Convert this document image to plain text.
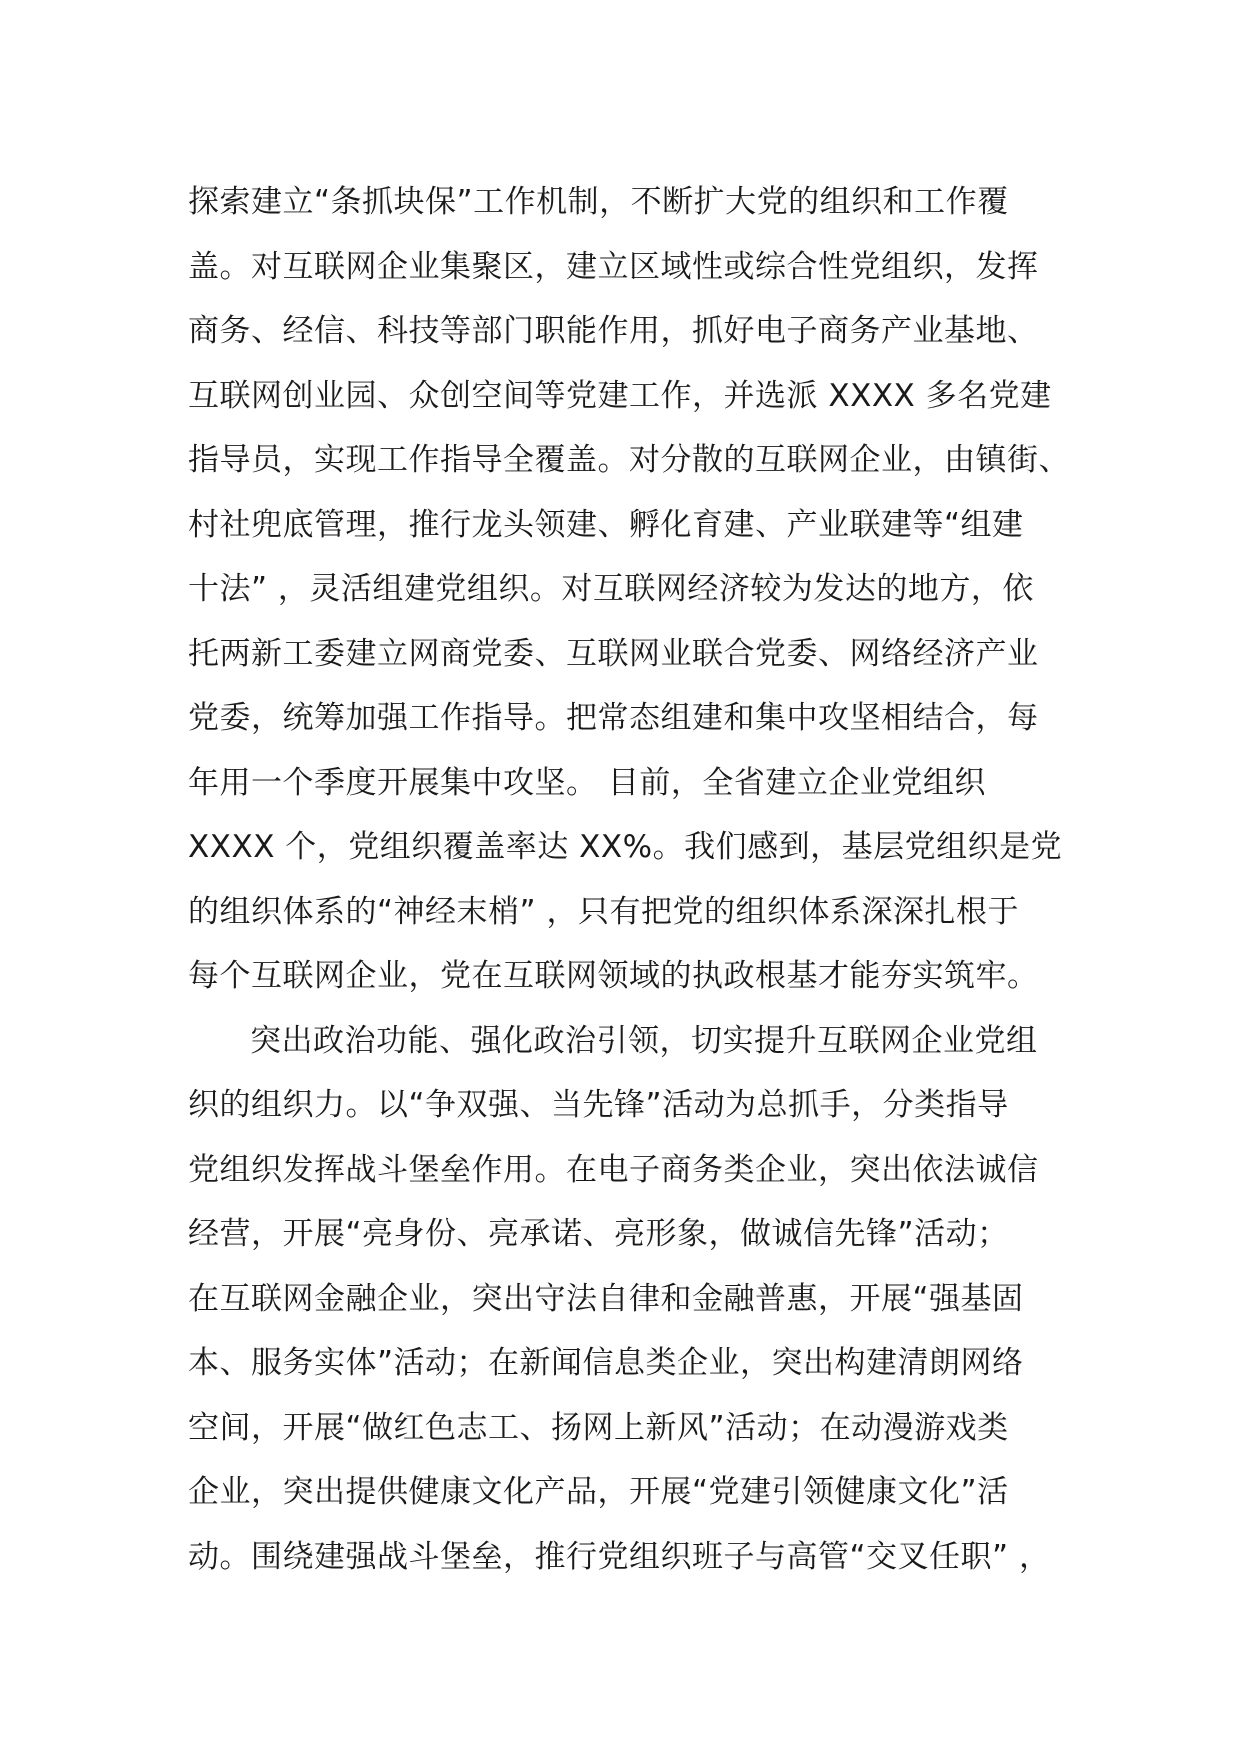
探索建立“条抓块保”工作机制，不断扩大党的组织和工作覆
盖。对互联网企业集聚区，建立区域性或综合性党组织，发挥
商务、经信、科技等部门职能作用，抓好电子商务产业基地、
互联网创业园、众创空间等党建工作，并选派 XXXX 多名党建
指导员，实现工作指导全覆盖。对分散的互联网企业，由镇街、
村社兜底管理，推行龙头领建、孵化育建、产业联建等“组建
十法” ，灵活组建党组织。对互联网经济较为发达的地方，依
托两新工委建立网商党委、互联网业联合党委、网络经济产业
党委，统筹加强工作指导。把常态组建和集中攻坚相结合，每
年用一个季度开展集中攻坚。 目前，全省建立企业党组织
XXXX 个，党组织覆盖率达 XX%。我们感到，基层党组织是党
的组织体系的“神经末梢” ，只有把党的组织体系深深扎根于
每个互联网企业，党在互联网领域的执政根基才能夯实筑牢。
突出政治功能、强化政治引领，切实提升互联网企业党组
织的组织力。以“争双强、当先锋”活动为总抓手，分类指导
党组织发挥战斗堡垒作用。在电子商务类企业，突出依法诚信
经营，开展“亮身份、亮承诺、亮形象，做诚信先锋”活动；
在互联网金融企业，突出守法自律和金融普惠，开展“强基固
本、服务实体”活动；在新闻信息类企业，突出构建清朗网络
空间，开展“做红色志工、扬网上新风”活动；在动漫游戏类
企业，突出提供健康文化产品，开展“党建引领健康文化”活
动。围绕建强战斗堡垒，推行党组织班子与高管“交叉任职” ，
